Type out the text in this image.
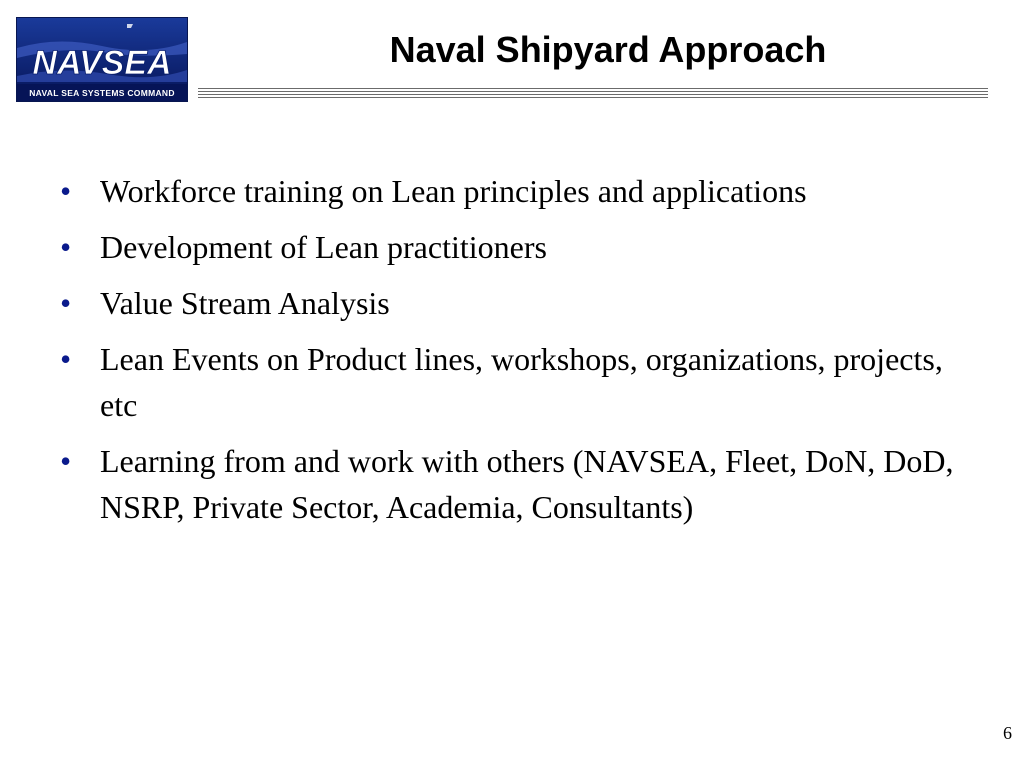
NAVSEA
NAVAL SEA SYSTEMS COMMAND
Naval Shipyard Approach
• Workforce training on Lean principles and applications
• Development of Lean practitioners
• Value Stream Analysis
• Lean Events on Product lines, workshops, organizations, projects, etc
• Learning from and work with others (NAVSEA, Fleet, DoN, DoD, NSRP, Private Sector, Academia, Consultants)
6
